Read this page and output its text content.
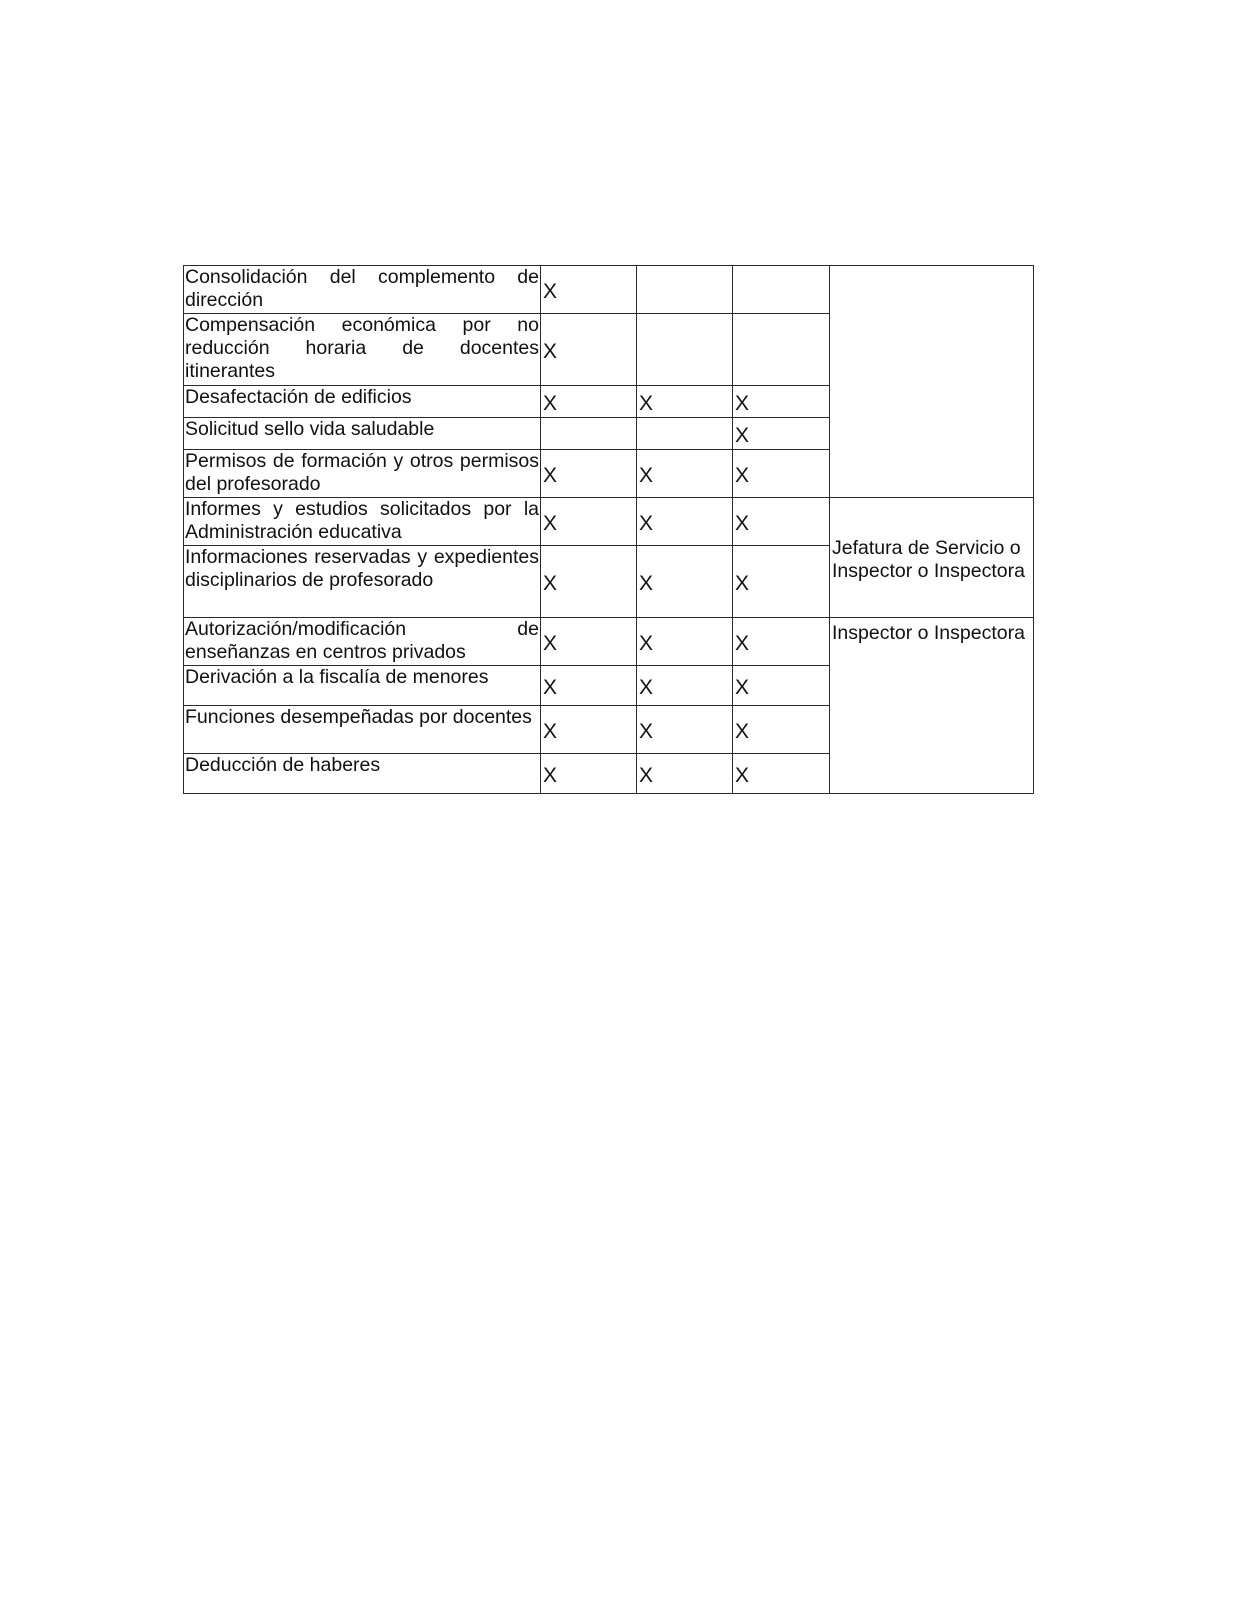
Consolidación del complemento de dirección	X			
Compensación económica por no reducción horaria de docentes itinerantes	X			
Desafectación de edificios	X	X	X	
Solicitud sello vida saludable			X	
Permisos de formación y otros permisos del profesorado	X	X	X	
Informes y estudios solicitados por la Administración educativa	X	X	X	Jefatura de Servicio o Inspector o Inspectora
Informaciones reservadas y expedientes disciplinarios de profesorado	X	X	X	
Autorización/modificación de enseñanzas en centros privados	X	X	X	Inspector o Inspectora
Derivación a la fiscalía de menores	X	X	X	
Funciones desempeñadas por docentes	X	X	X	
Deducción de haberes	X	X	X	
